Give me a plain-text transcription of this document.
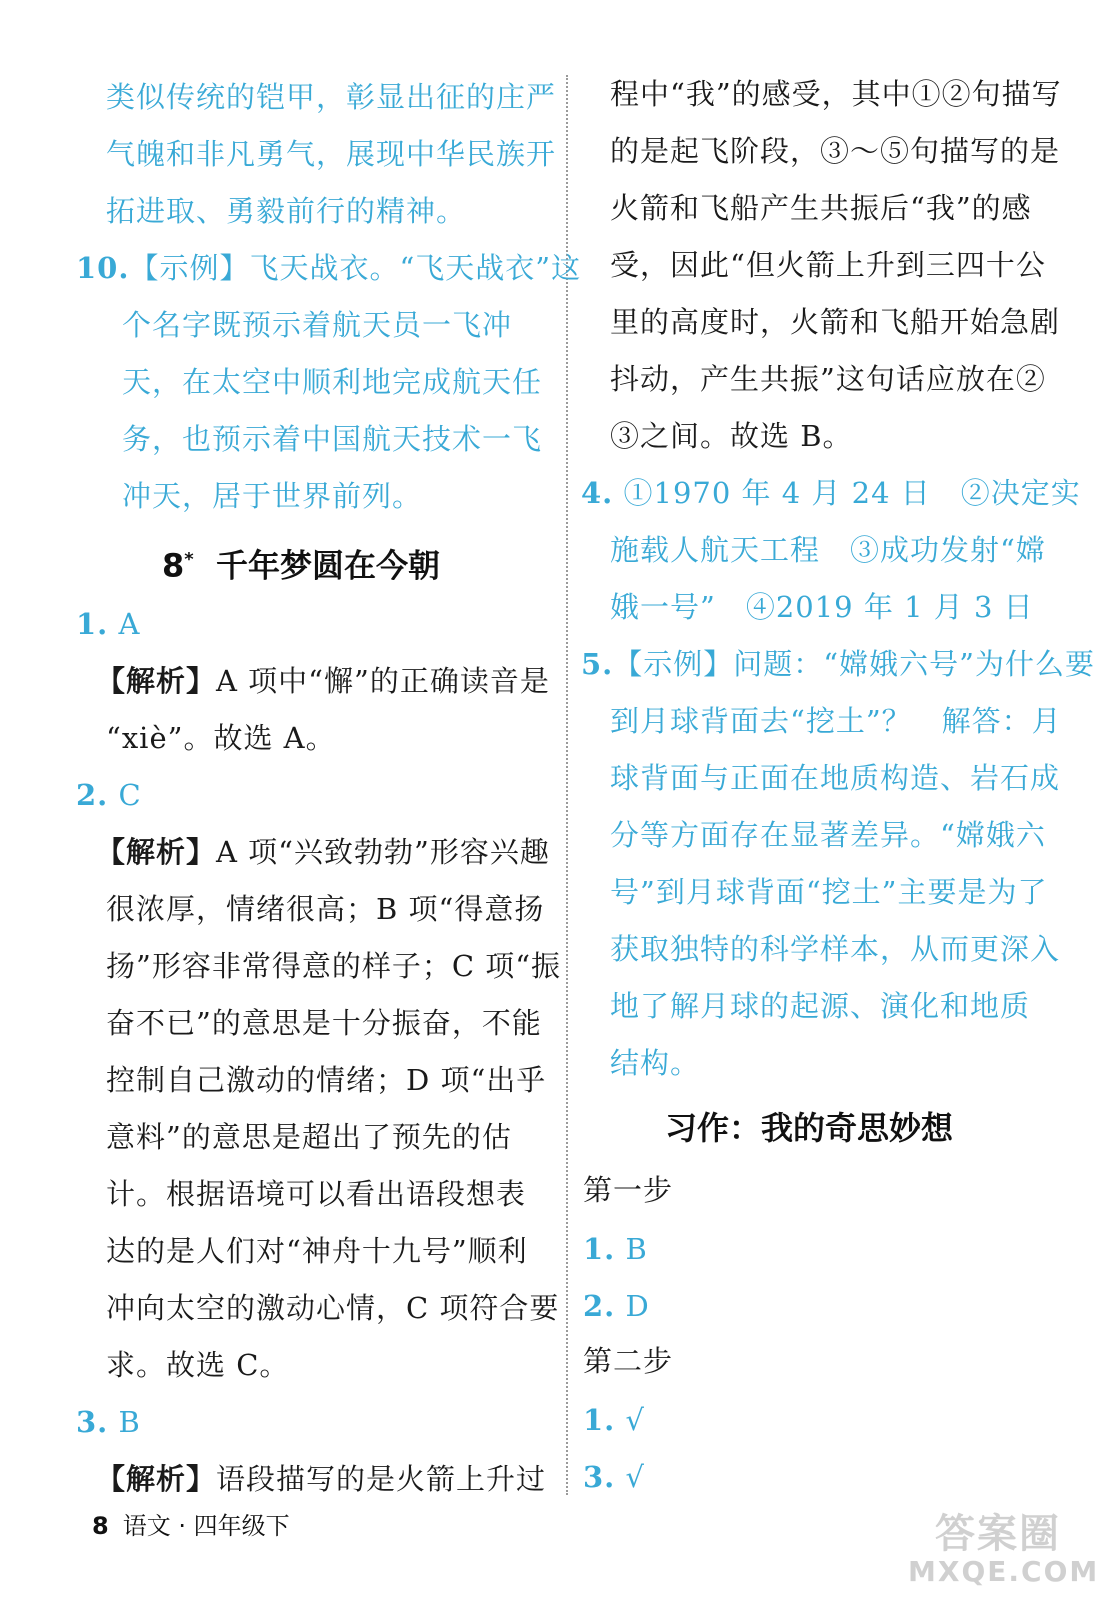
类似传统的铠甲，彰显出征的庄严
气魄和非凡勇气，展现中华民族开
拓进取、勇毅前行的精神。
10.【示例】飞天战衣。“飞天战衣”这
个名字既预示着航天员一飞冲
天，在太空中顺利地完成航天任
务，也预示着中国航天技术一飞
冲天，居于世界前列。
8* 千年梦圆在今朝
1. A
【解析】A 项中“懈”的正确读音是
“xiè”。故选 A。
2. C
【解析】A 项“兴致勃勃”形容兴趣
很浓厚，情绪很高；B 项“得意扬
扬”形容非常得意的样子；C 项“振
奋不已”的意思是十分振奋，不能
控制自己激动的情绪；D 项“出乎
意料”的意思是超出了预先的估
计。根据语境可以看出语段想表
达的是人们对“神舟十九号”顺利
冲向太空的激动心情，C 项符合要
求。故选 C。
3. B
【解析】语段描写的是火箭上升过
程中“我”的感受，其中①②句描写
的是起飞阶段，③～⑤句描写的是
火箭和飞船产生共振后“我”的感
受，因此“但火箭上升到三四十公
里的高度时，火箭和飞船开始急剧
抖动，产生共振”这句话应放在②
③之间。故选 B。
4. ①1970 年 4 月 24 日　②决定实
施载人航天工程　③成功发射“嫦
娥一号”　④2019 年 1 月 3 日
5.【示例】问题：“嫦娥六号”为什么要
到月球背面去“挖土”？　解答：月
球背面与正面在地质构造、岩石成
分等方面存在显著差异。“嫦娥六
号”到月球背面“挖土”主要是为了
获取独特的科学样本，从而更深入
地了解月球的起源、演化和地质
结构。
习作：我的奇思妙想
第一步
1. B
2. D
第二步
1. √
3. √
8 语文 · 四年级下	答案圈
MXQE.COM
